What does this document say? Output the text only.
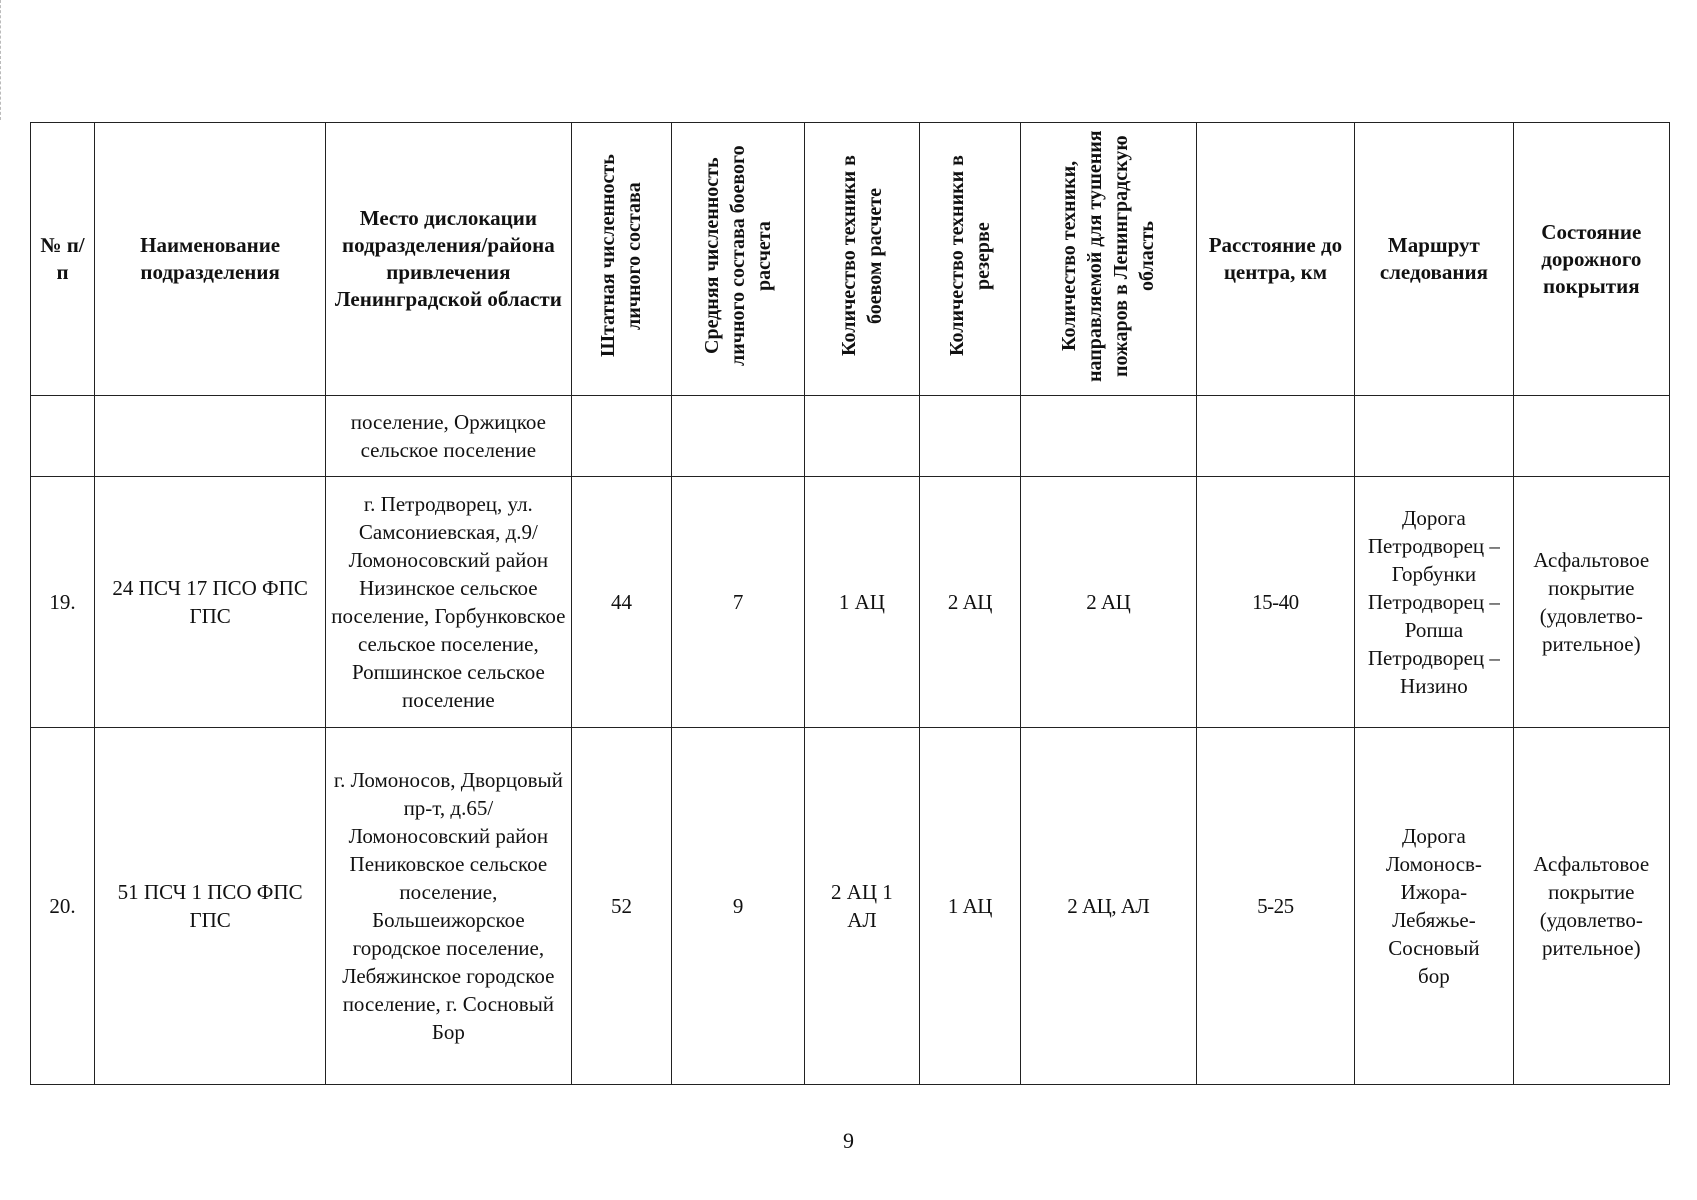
№ п/п	Наименование подразделения	Место дислокации подразделения/района привлечения Ленинградской области	Штатная численность личного состава	Средняя численность личного состава боевого расчета	Количество техники в боевом расчете	Количество техники в резерве	Количество техники, направляемой для тушения пожаров в Ленинградскую область	Расстояние до центра, км	Маршрут следования	Состояние дорожного покрытия
		поселение, Оржицкое сельское поселение								
19.	24 ПСЧ 17 ПСО ФПС ГПС	г. Петродворец, ул. Самсониевская, д.9/ Ломоносовский район Низинское сельское поселение, Горбунковское сельское поселение, Ропшинское сельское поселение	44	7	1 АЦ	2 АЦ	2 АЦ	15-40	Дорога Петродворец – Горбунки Петродворец – Ропша Петродворец – Низино	Асфальтовое покрытие (удовлетво-рительное)
20.	51 ПСЧ 1 ПСО ФПС ГПС	г. Ломоносов, Дворцовый пр-т, д.65/ Ломоносовский район Пениковское сельское поселение, Большеижорское городское поселение, Лебяжинское городское поселение, г. Сосновый Бор	52	9	2 АЦ 1 АЛ	1 АЦ	2 АЦ, АЛ	5-25	Дорога Ломоносв-Ижора-Лебяжье-Сосновый бор	Асфальтовое покрытие (удовлетво-рительное)
9
